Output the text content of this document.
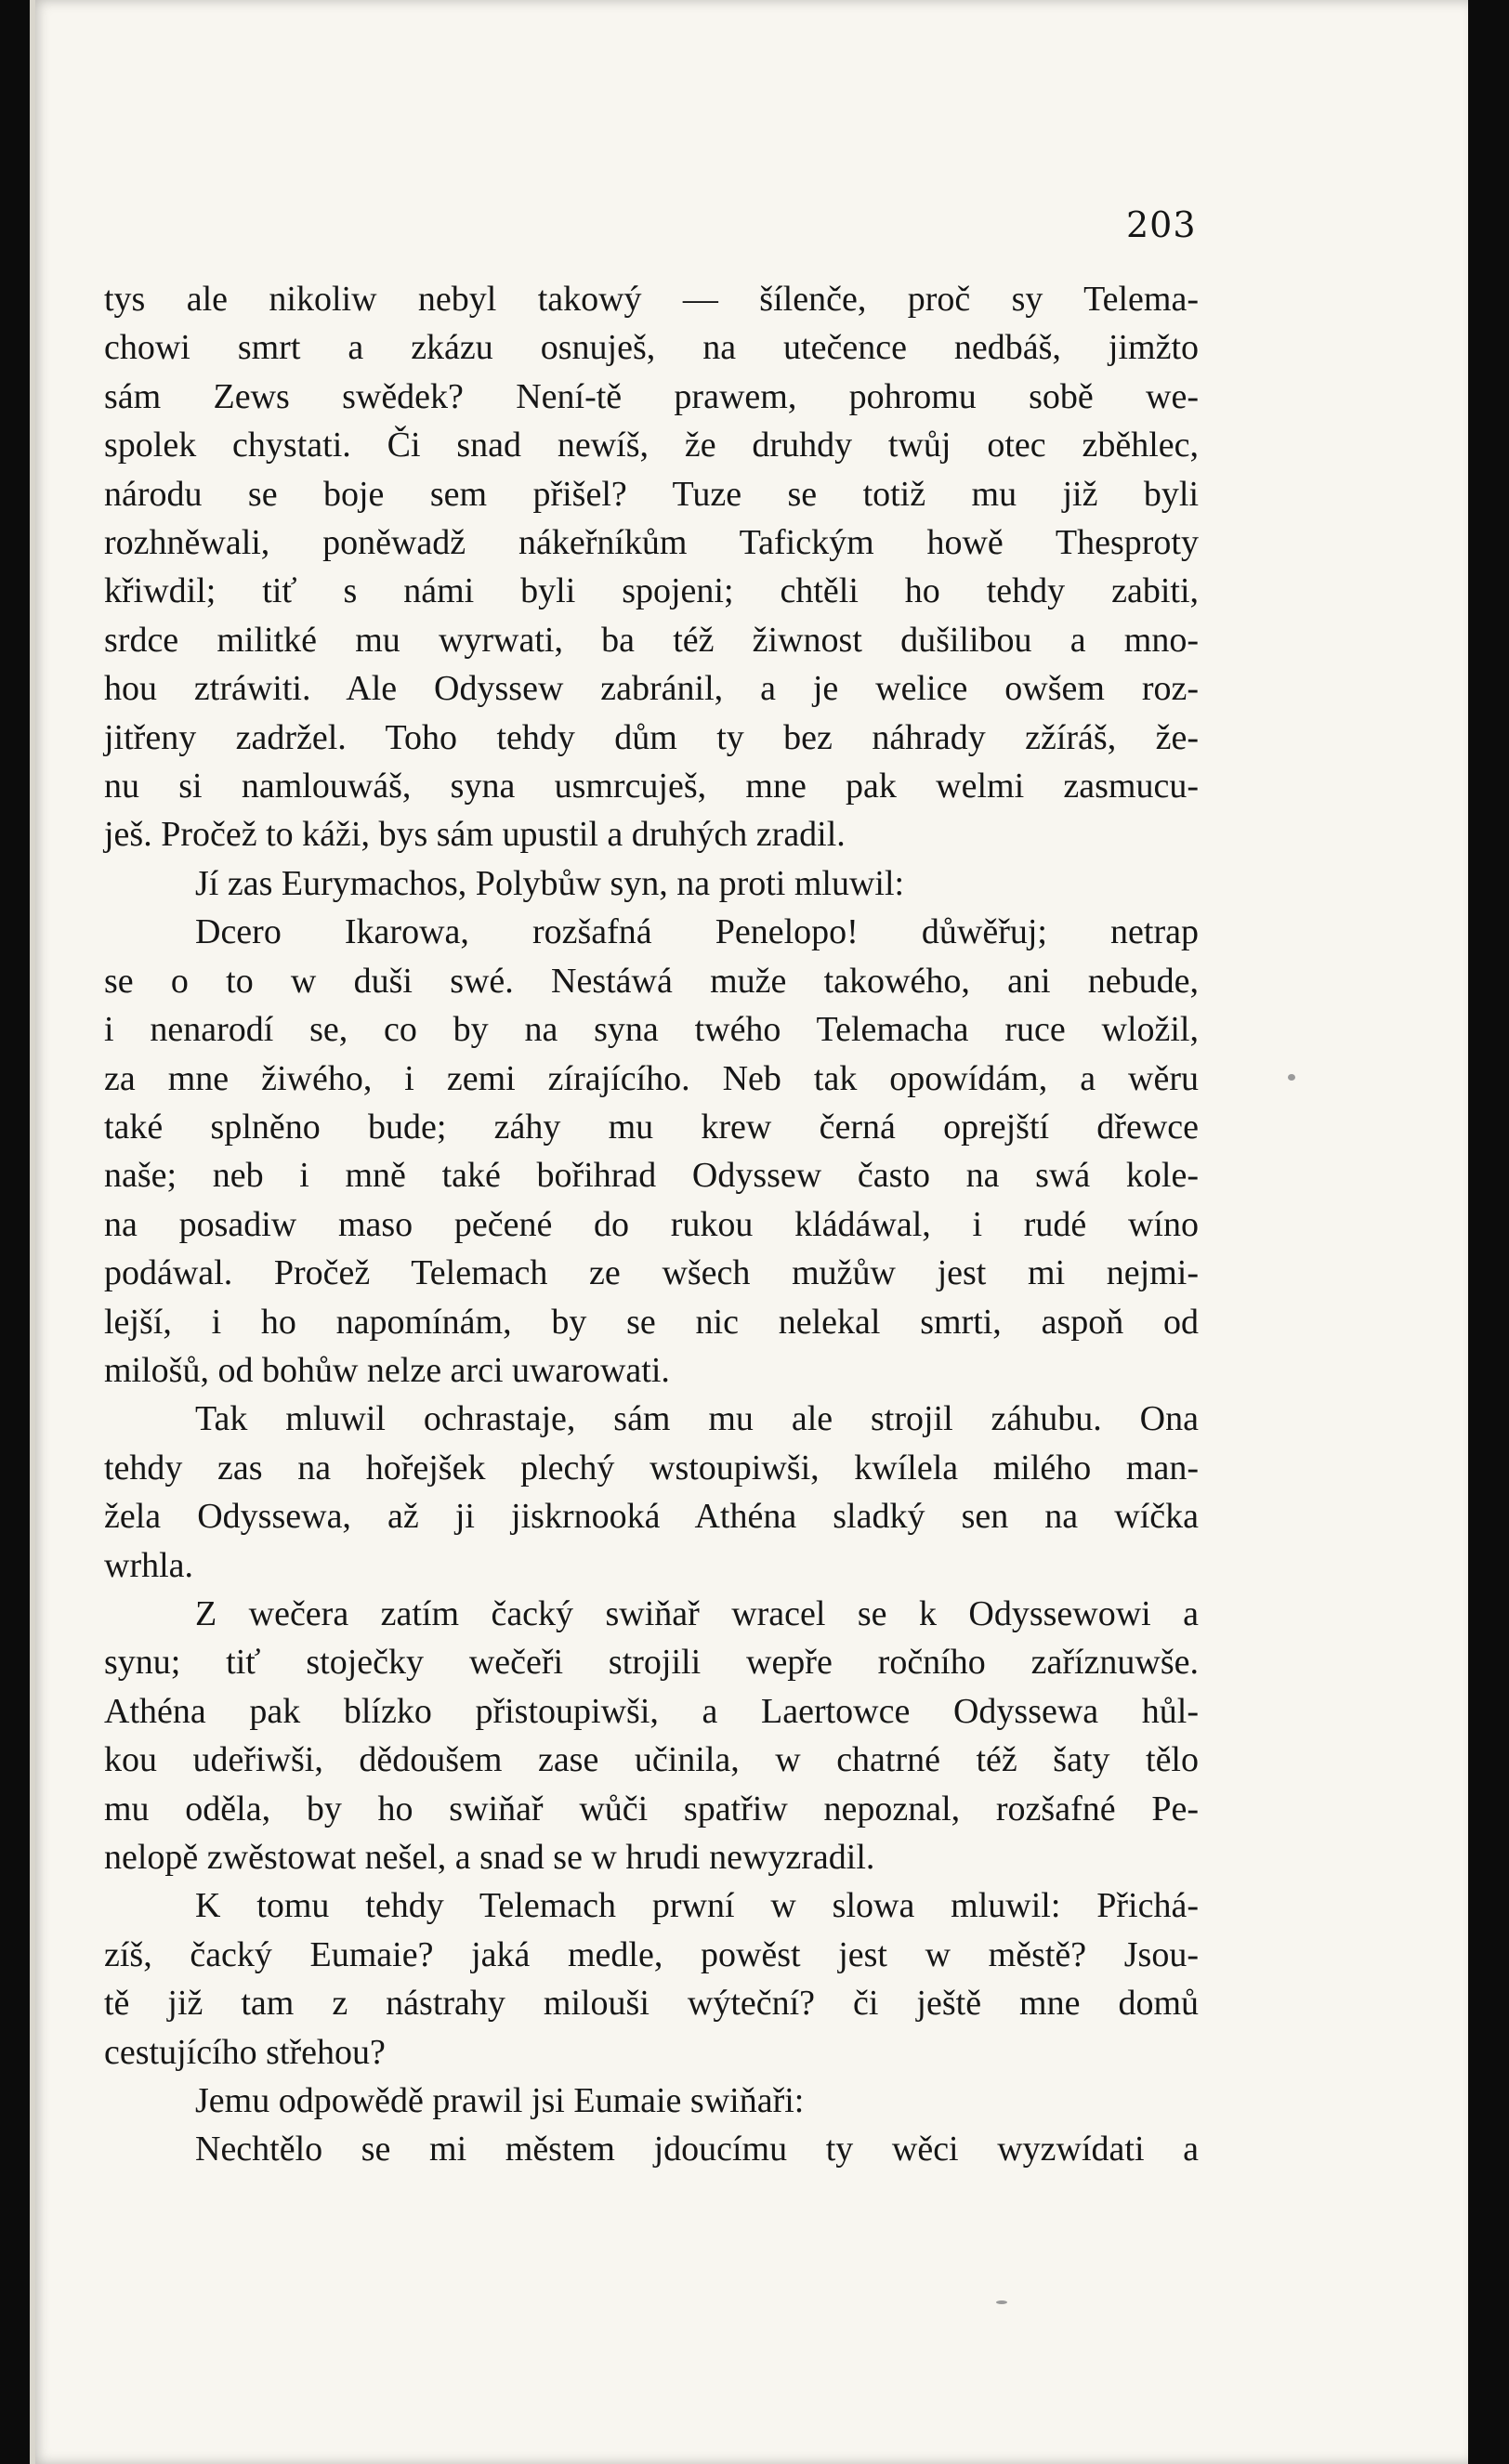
203
tys ale nikoliw nebyl takowý — šílenče, proč sy Telema-
chowi smrt a zkázu osnuješ, na utečence nedbáš, jimžto
sám Zews swědek? Není-tě prawem, pohromu sobě we-
spolek chystati. Či snad newíš, že druhdy twůj otec zběhlec,
národu se boje sem přišel? Tuze se totiž mu již byli
rozhněwali, poněwadž nákeřníkům Tafickým howě Thesproty
křiwdil; tiť s námi byli spojeni; chtěli ho tehdy zabiti,
srdce militké mu wyrwati, ba též žiwnost dušilibou a mno-
hou ztráwiti. Ale Odyssew zabránil, a je welice owšem roz-
jitřeny zadržel. Toho tehdy dům ty bez náhrady zžíráš, že-
nu si namlouwáš, syna usmrcuješ, mne pak welmi zasmucu-
ješ. Pročež to káži, bys sám upustil a druhých zradil.
Jí zas Eurymachos, Polybůw syn, na proti mluwil:
Dcero Ikarowa, rozšafná Penelopo! důwěřuj; netrap
se o to w duši swé. Nestáwá muže takowého, ani nebude,
i nenarodí se, co by na syna twého Telemacha ruce wložil,
za mne žiwého, i zemi zírajícího. Neb tak opowídám, a wěru
také splněno bude; záhy mu krew černá oprejští dřewce
naše; neb i mně také bořihrad Odyssew často na swá kole-
na posadiw maso pečené do rukou kládáwal, i rudé wíno
podáwal. Pročež Telemach ze wšech mužůw jest mi nejmi-
lejší, i ho napomínám, by se nic nelekal smrti, aspoň od
milošů, od bohůw nelze arci uwarowati.
Tak mluwil ochrastaje, sám mu ale strojil záhubu. Ona
tehdy zas na hořejšek plechý wstoupiwši, kwílela milého man-
žela Odyssewa, až ji jiskrnooká Athéna sladký sen na wíčka
wrhla.
Z wečera zatím čacký swiňař wracel se k Odyssewowi a
synu; tiť stoječky wečeři strojili wepře ročního zaříznuwše.
Athéna pak blízko přistoupiwši, a Laertowce Odyssewa hůl-
kou udeřiwši, dědoušem zase učinila, w chatrné též šaty tělo
mu oděla, by ho swiňař wůči spatřiw nepoznal, rozšafné Pe-
nelopě zwěstowat nešel, a snad se w hrudi newyzradil.
K tomu tehdy Telemach prwní w slowa mluwil: Přichá-
zíš, čacký Eumaie? jaká medle, powěst jest w městě? Jsou-
tě již tam z nástrahy milouši wýteční? či ještě mne domů
cestujícího střehou?
Jemu odpowědě prawil jsi Eumaie swiňaři:
Nechtělo se mi městem jdoucímu ty wěci wyzwídati a
